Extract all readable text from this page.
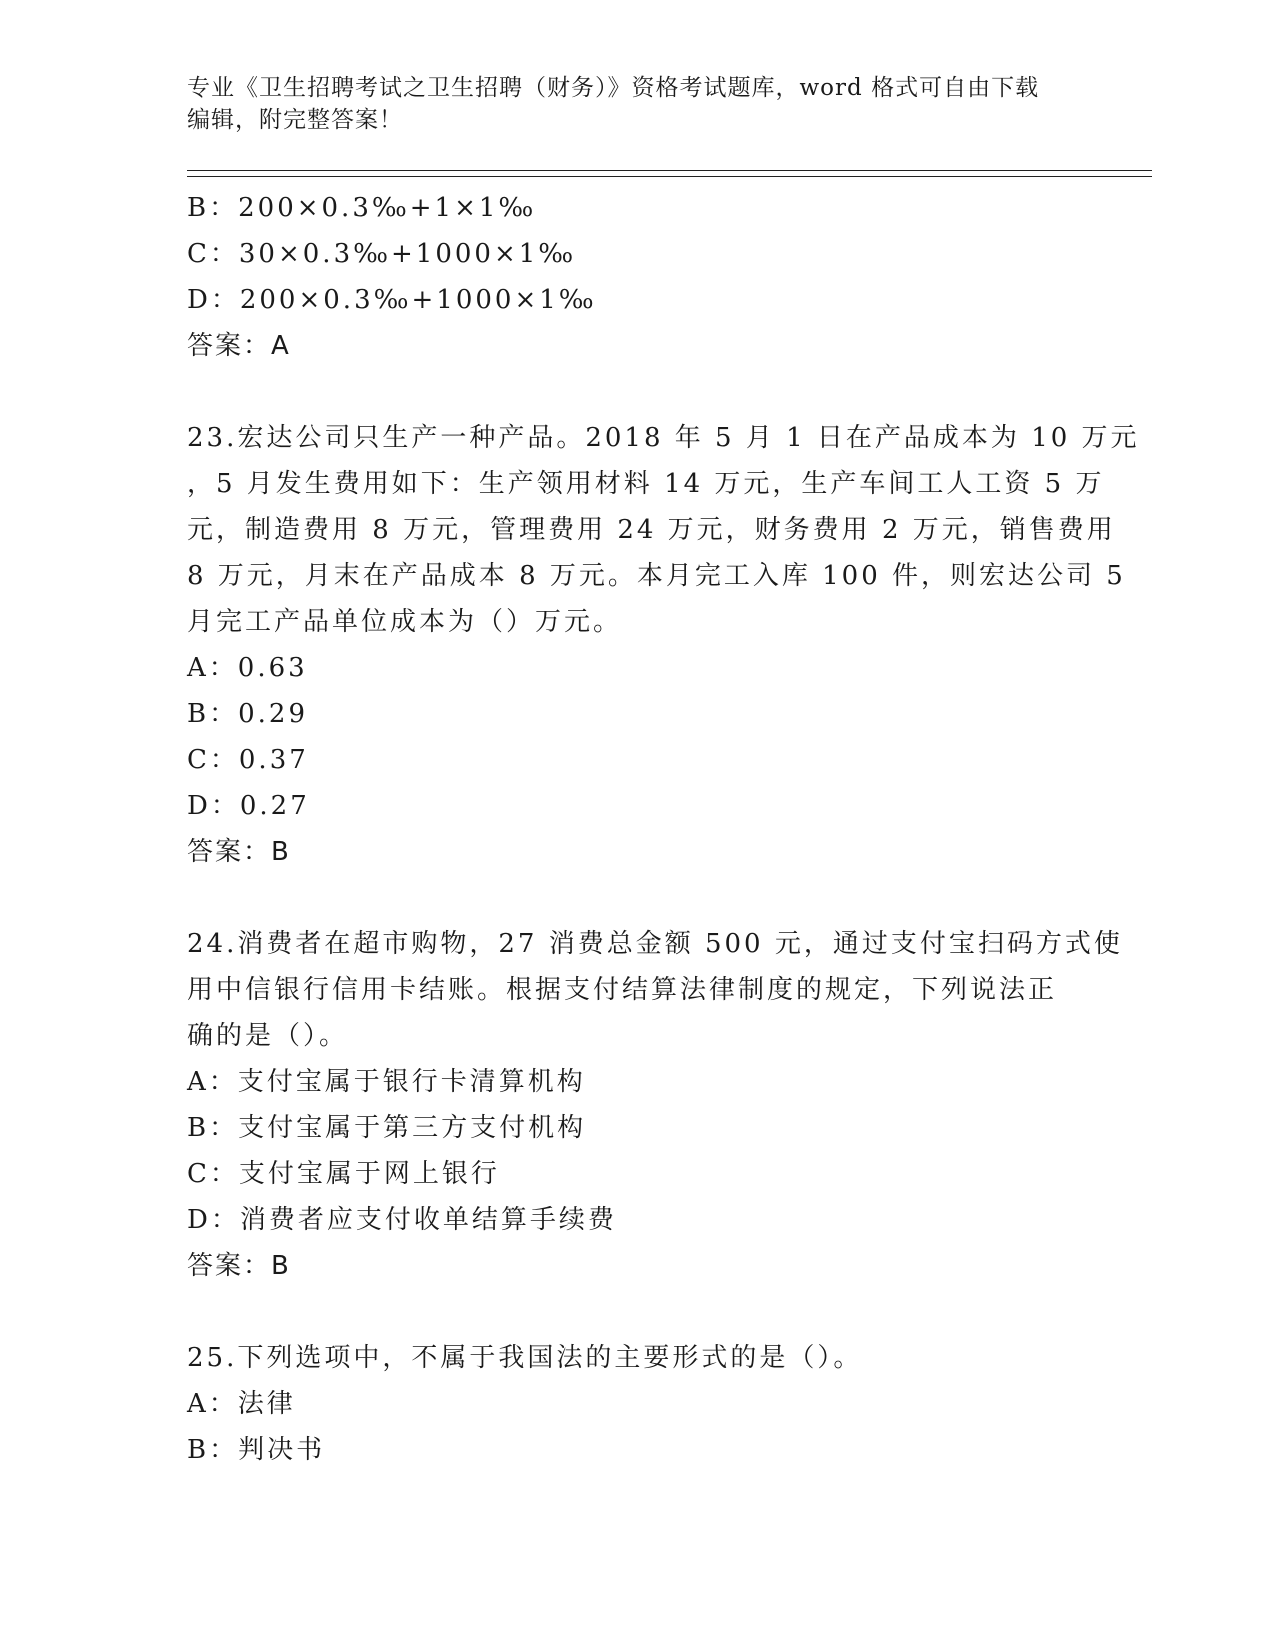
专业《卫生招聘考试之卫生招聘（财务）》资格考试题库，word 格式可自由下载
编辑，附完整答案！
B：200×0.3‰+1×1‰
C：30×0.3‰+1000×1‰
D：200×0.3‰+1000×1‰
答案：A
23.宏达公司只生产一种产品。2018 年 5 月 1 日在产品成本为 10 万元
，5 月发生费用如下：生产领用材料 14 万元，生产车间工人工资 5 万
元，制造费用 8 万元，管理费用 24 万元，财务费用 2 万元，销售费用
8 万元，月末在产品成本 8 万元。本月完工入库 100 件，则宏达公司 5
月完工产品单位成本为（）万元。
A：0.63
B：0.29
C：0.37
D：0.27
答案：B
24.消费者在超市购物，27 消费总金额 500 元，通过支付宝扫码方式使
用中信银行信用卡结账。根据支付结算法律制度的规定，下列说法正
确的是（）。
A：支付宝属于银行卡清算机构
B：支付宝属于第三方支付机构
C：支付宝属于网上银行
D：消费者应支付收单结算手续费
答案：B
25.下列选项中，不属于我国法的主要形式的是（）。
A：法律
B：判决书
